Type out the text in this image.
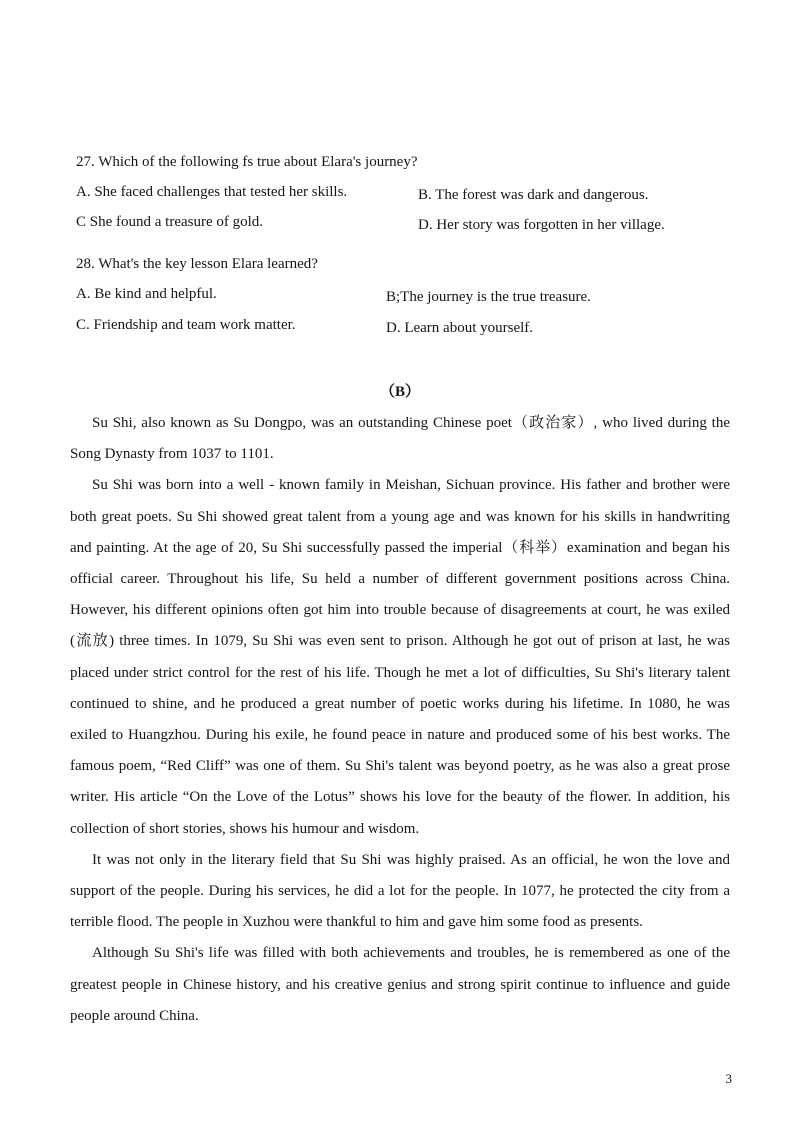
27. Which of the following fs true about Elara's journey?
A. She faced challenges that tested her skills.	B. The forest was dark and dangerous.
C She found a treasure of gold.	D. Her story was forgotten in her village.
28. What's the key lesson Elara learned?
A. Be kind and helpful.	B;The journey is the true treasure.
C. Friendship and team work matter.	D. Learn about yourself.
（B）

Su Shi, also known as Su Dongpo, was an outstanding Chinese poet（政治家）, who lived during the Song Dynasty from 1037 to 1101.

Su Shi was born into a well - known family in Meishan, Sichuan province. His father and brother were both great poets. Su Shi showed great talent from a young age and was known for his skills in handwriting and painting. At the age of 20, Su Shi successfully passed the imperial（科举）examination and began his official career. Throughout his life, Su held a number of different government positions across China. However, his different opinions often got him into trouble because of disagreements at court, he was exiled (流放) three times. In 1079, Su Shi was even sent to prison. Although he got out of prison at last, he was placed under strict control for the rest of his life. Though he met a lot of difficulties, Su Shi's literary talent continued to shine, and he produced a great number of poetic works during his lifetime. In 1080, he was exiled to Huangzhou. During his exile, he found peace in nature and produced some of his best works. The famous poem, “Red Cliff” was one of them. Su Shi's talent was beyond poetry, as he was also a great prose writer. His article “On the Love of the Lotus” shows his love for the beauty of the flower. In addition, his collection of short stories, shows his humour and wisdom.

It was not only in the literary field that Su Shi was highly praised. As an official, he won the love and support of the people. During his services, he did a lot for the people. In 1077, he protected the city from a terrible flood. The people in Xuzhou were thankful to him and gave him some food as presents.

Although Su Shi's life was filled with both achievements and troubles, he is remembered as one of the greatest people in Chinese history, and his creative genius and strong spirit continue to influence and guide people around China.

3
